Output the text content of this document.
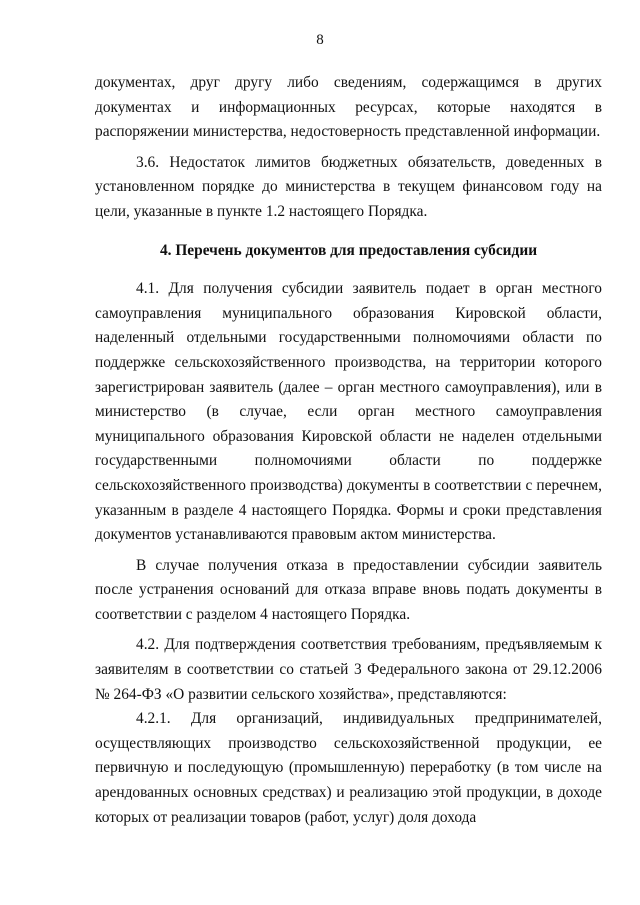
8

документах, друг другу либо сведениям, содержащимся в других документах и информационных ресурсах, которые находятся в распоряжении министерства, недостоверность представленной информации.

3.6. Недостаток лимитов бюджетных обязательств, доведенных в установленном порядке до министерства в текущем финансовом году на цели, указанные в пункте 1.2 настоящего Порядка.

4. Перечень документов для предоставления субсидии

4.1. Для получения субсидии заявитель подает в орган местного самоуправления муниципального образования Кировской области, наделенный отдельными государственными полномочиями области по поддержке сельскохозяйственного производства, на территории которого зарегистрирован заявитель (далее – орган местного самоуправления), или в министерство (в случае, если орган местного самоуправления муниципального образования Кировской области не наделен отдельными государственными полномочиями области по поддержке сельскохозяйственного производства) документы в соответствии с перечнем, указанным в разделе 4 настоящего Порядка. Формы и сроки представления документов устанавливаются правовым актом министерства.

В случае получения отказа в предоставлении субсидии заявитель после устранения оснований для отказа вправе вновь подать документы в соответствии с разделом 4 настоящего Порядка.

4.2. Для подтверждения соответствия требованиям, предъявляемым к заявителям в соответствии со статьей 3 Федерального закона от 29.12.2006 № 264-ФЗ «О развитии сельского хозяйства», представляются:

4.2.1. Для организаций, индивидуальных предпринимателей, осуществляющих производство сельскохозяйственной продукции, ее первичную и последующую (промышленную) переработку (в том числе на арендованных основных средствах) и реализацию этой продукции, в доходе которых от реализации товаров (работ, услуг) доля дохода
